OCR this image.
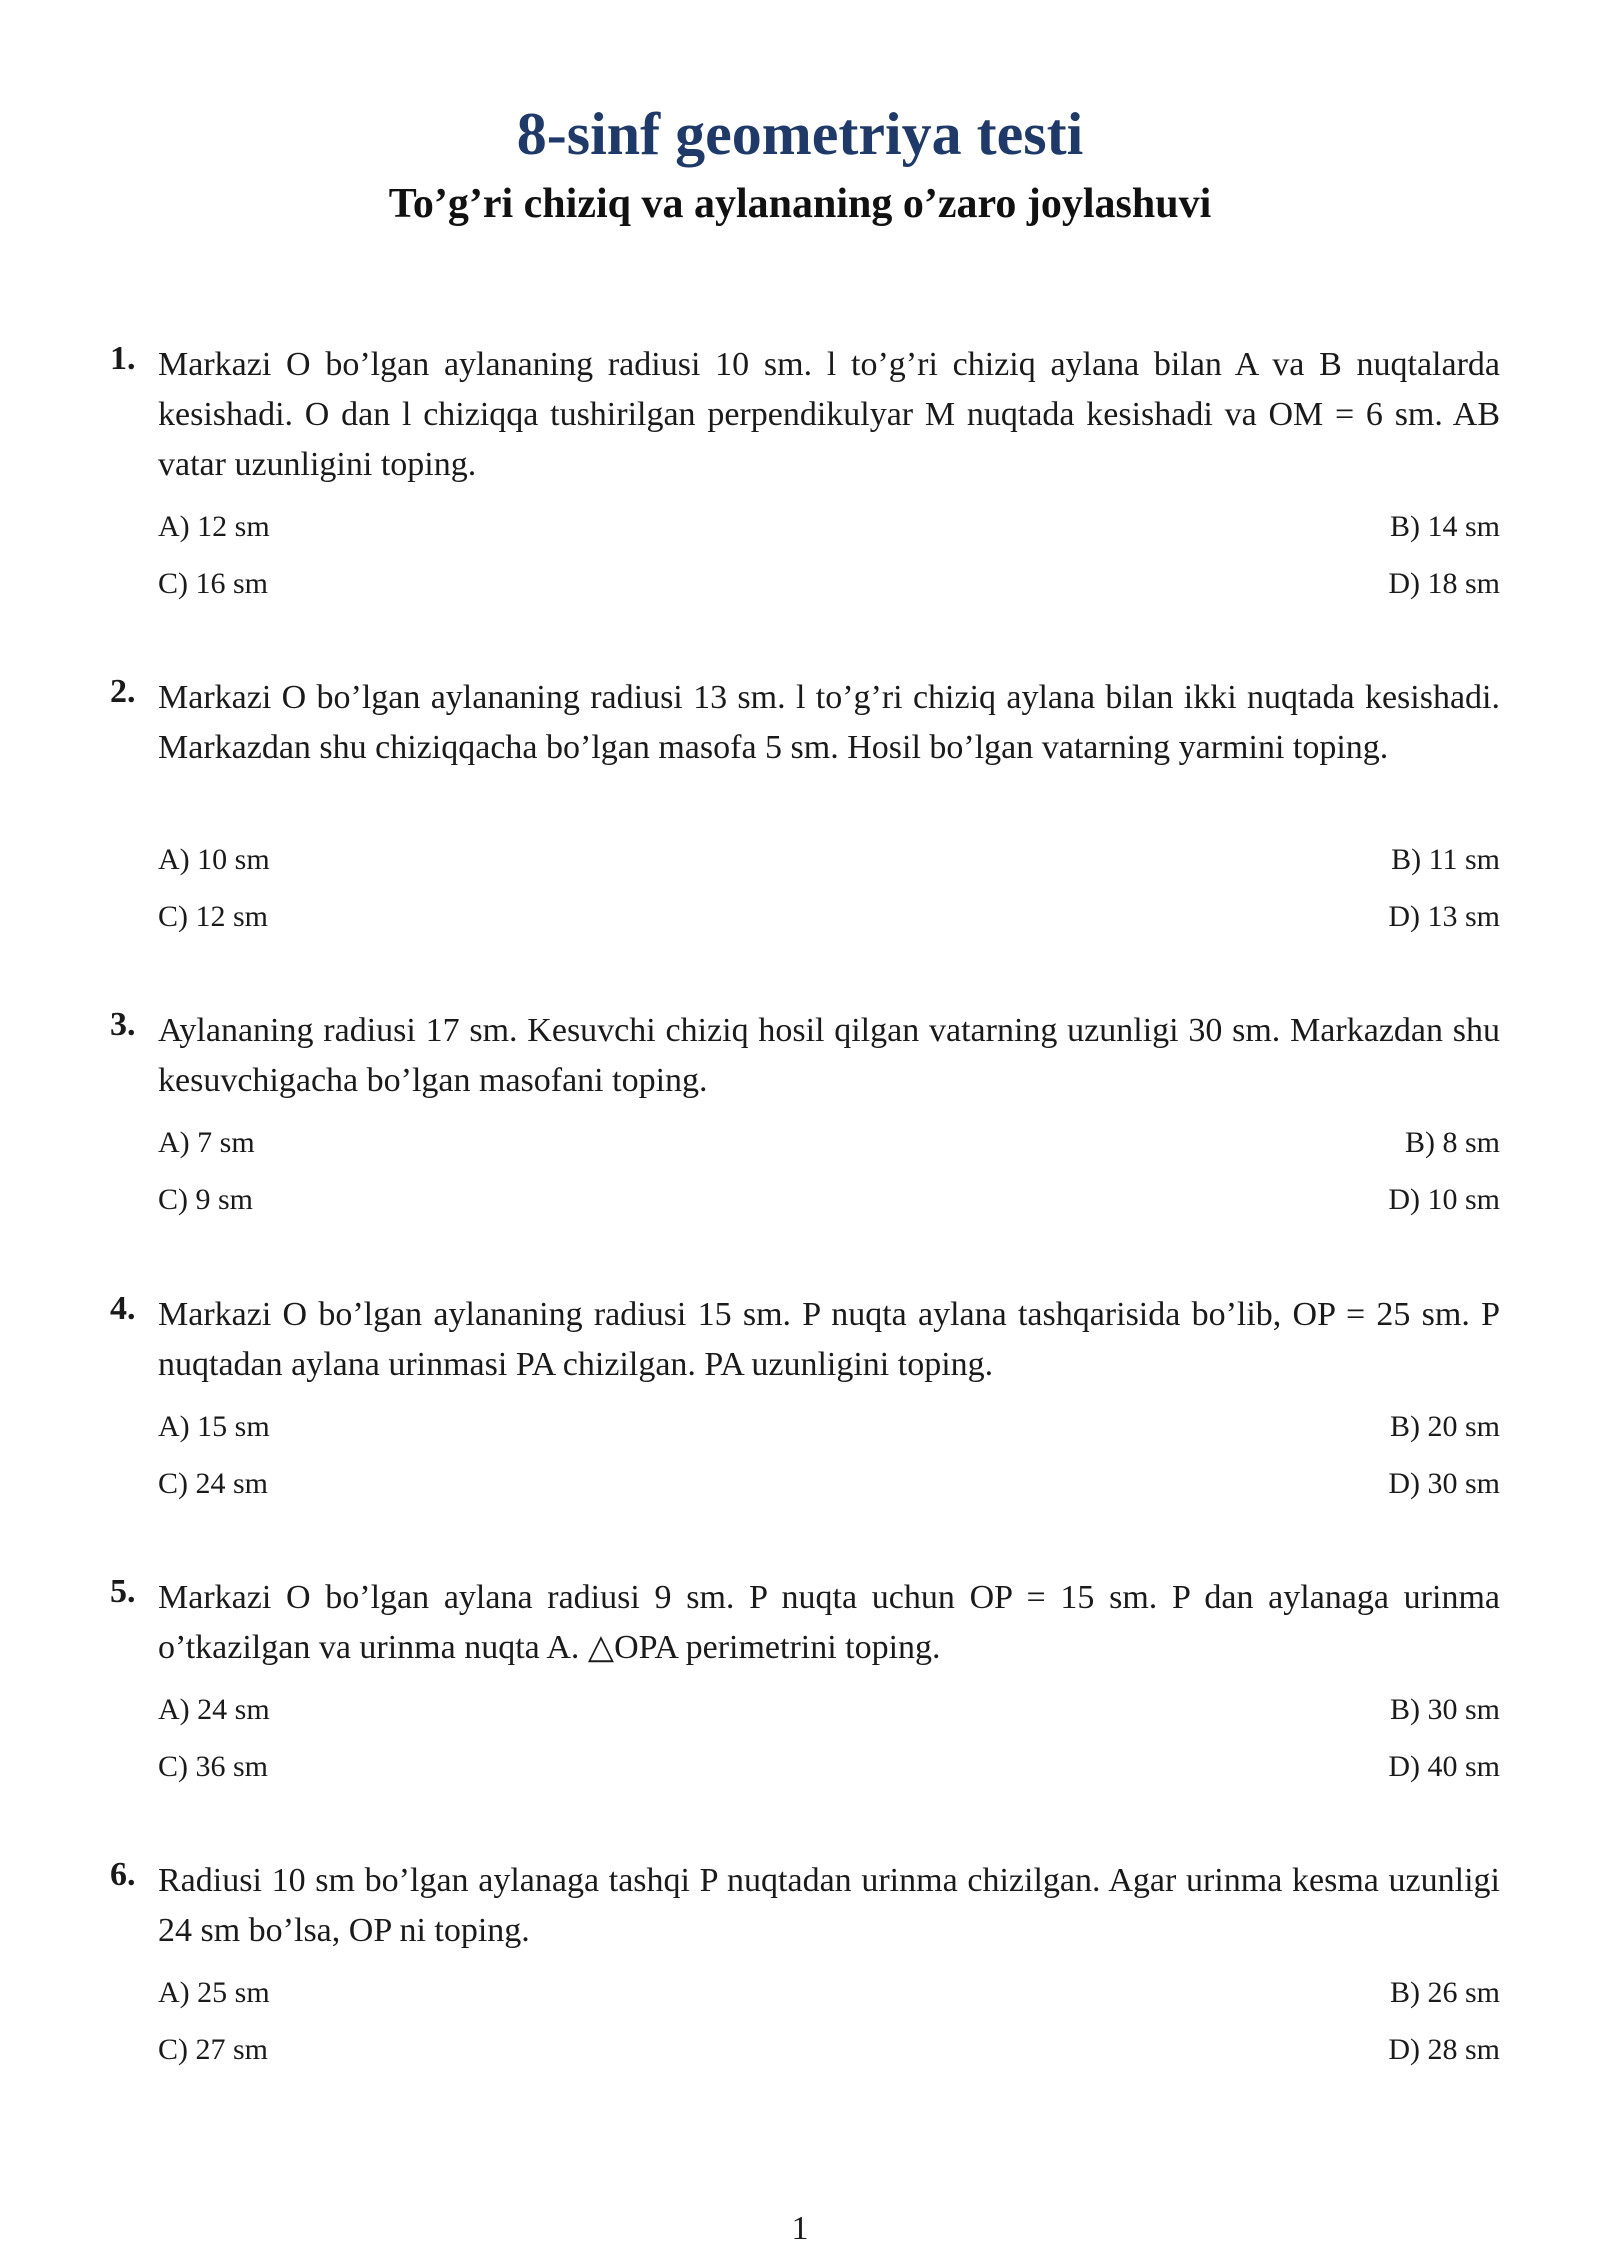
8-sinf geometriya testi
To’g’ri chiziq va aylananing o’zaro joylashuvi
1. Markazi O bo’lgan aylananing radiusi 10 sm. l to’g’ri chiziq aylana bilan A va B nuqtalarda kesishadi. O dan l chiziqqa tushirilgan perpendikulyar M nuqtada kesishadi va OM = 6 sm. AB vatar uzunligini toping.
A) 12 sm	B) 14 sm
C) 16 sm	D) 18 sm
2. Markazi O bo’lgan aylananing radiusi 13 sm. l to’g’ri chiziq aylana bilan ikki nuqtada kesishadi. Markazdan shu chiziqqacha bo’lgan masofa 5 sm. Hosil bo’lgan vatarning yarmini toping.
A) 10 sm	B) 11 sm
C) 12 sm	D) 13 sm
3. Aylananing radiusi 17 sm. Kesuvchi chiziq hosil qilgan vatarning uzunligi 30 sm. Markazdan shu kesuvchigacha bo’lgan masofani toping.
A) 7 sm	B) 8 sm
C) 9 sm	D) 10 sm
4. Markazi O bo’lgan aylananing radiusi 15 sm. P nuqta aylana tashqarisida bo’lib, OP = 25 sm. P nuqtadan aylana urinmasi PA chizilgan. PA uzunligini toping.
A) 15 sm	B) 20 sm
C) 24 sm	D) 30 sm
5. Markazi O bo’lgan aylana radiusi 9 sm. P nuqta uchun OP = 15 sm. P dan aylanaga urinma o’tkazilgan va urinma nuqta A. △OPA perimetrini toping.
A) 24 sm	B) 30 sm
C) 36 sm	D) 40 sm
6. Radiusi 10 sm bo’lgan aylanaga tashqi P nuqtadan urinma chizilgan. Agar urinma kesma uzunligi 24 sm bo’lsa, OP ni toping.
A) 25 sm	B) 26 sm
C) 27 sm	D) 28 sm
1
